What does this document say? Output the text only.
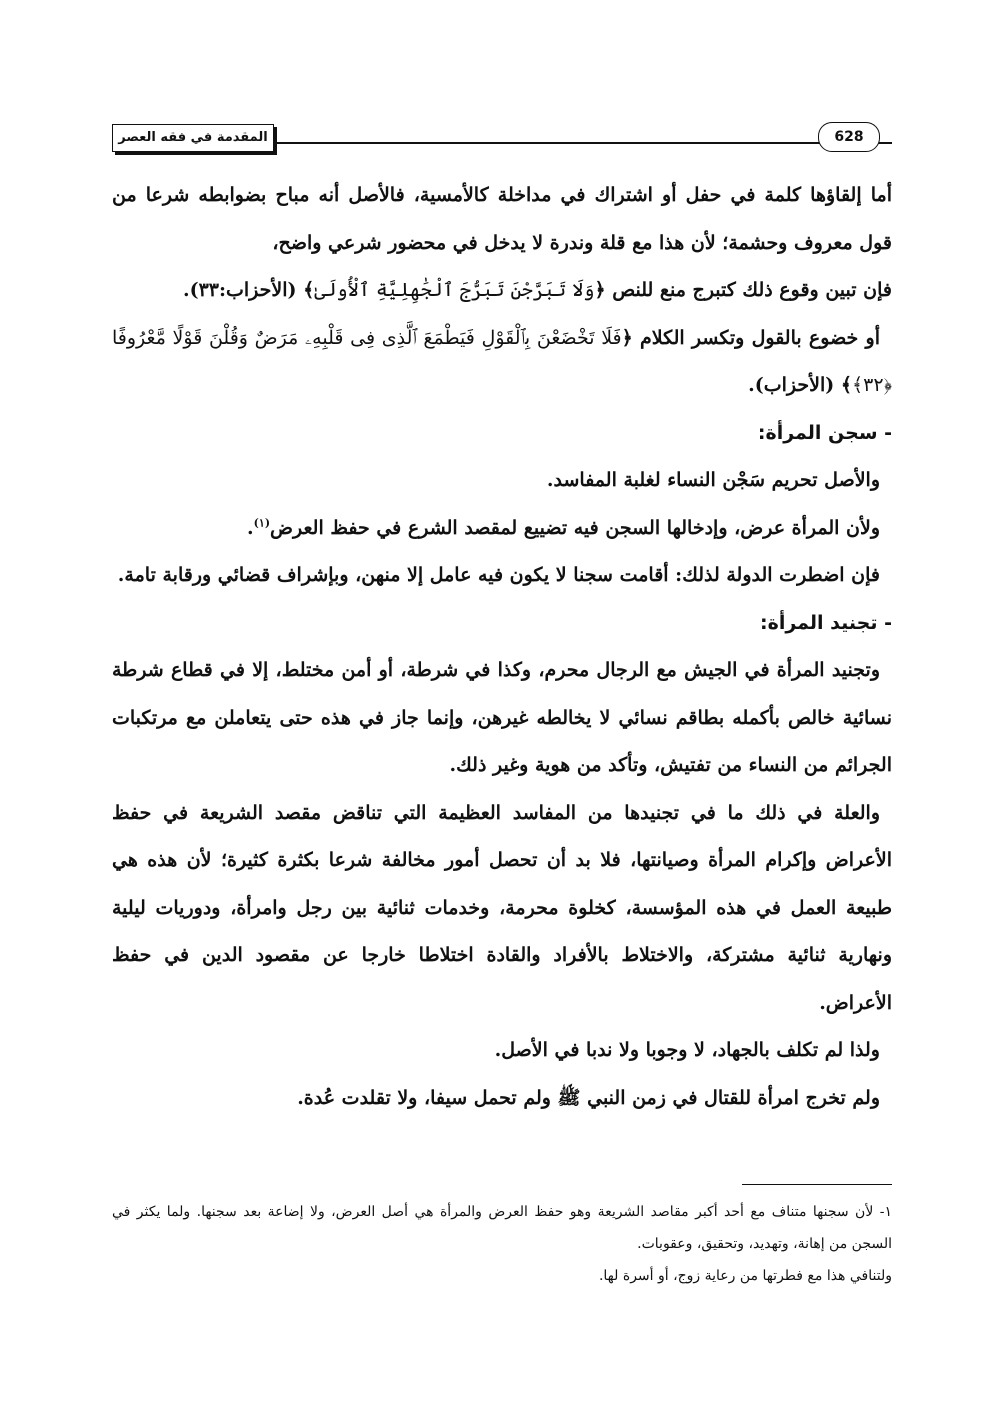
المقدمة في فقه العصر	628

أما إلقاؤها كلمة في حفل أو اشتراك في مداخلة كالأمسية، فالأصل أنه مباح بضوابطه شرعا من قول معروف وحشمة؛ لأن هذا مع قلة وندرة لا يدخل في محضور شرعي واضح،

فإن تبين وقوع ذلك كتبرج منع للنص ﴿وَلَا تَبَرَّجْنَ تَبَرُّجَ ٱلْجَٰهِلِيَّةِ ٱلْأُولَىٰ﴾ (الأحزاب:٣٣).

أو خضوع بالقول وتكسر الكلام ﴿فَلَا تَخْضَعْنَ بِٱلْقَوْلِ فَيَطْمَعَ ٱلَّذِى فِى قَلْبِهِۦ مَرَضٌ وَقُلْنَ قَوْلًا مَّعْرُوفًا ﴿٣٢﴾﴾ (الأحزاب).

- سجن المرأة:

والأصل تحريم سَجْن النساء لغلبة المفاسد.

ولأن المرأة عرض، وإدخالها السجن فيه تضييع لمقصد الشرع في حفظ العرض$^{(١)}$.

فإن اضطرت الدولة لذلك: أقامت سجنا لا يكون فيه عامل إلا منهن، وبإشراف قضائي ورقابة تامة.

- تجنيد المرأة:

وتجنيد المرأة في الجيش مع الرجال محرم، وكذا في شرطة، أو أمن مختلط، إلا في قطاع شرطة نسائية خالص بأكمله بطاقم نسائي لا يخالطه غيرهن، وإنما جاز في هذه حتى يتعاملن مع مرتكبات الجرائم من النساء من تفتيش، وتأكد من هوية وغير ذلك.

والعلة في ذلك ما في تجنيدها من المفاسد العظيمة التي تناقض مقصد الشريعة في حفظ الأعراض وإكرام المرأة وصيانتها، فلا بد أن تحصل أمور مخالفة شرعا بكثرة كثيرة؛ لأن هذه هي طبيعة العمل في هذه المؤسسة، كخلوة محرمة، وخدمات ثنائية بين رجل وامرأة، ودوريات ليلية ونهارية ثنائية مشتركة، والاختلاط بالأفراد والقادة اختلاطا خارجا عن مقصود الدين في حفظ الأعراض.

ولذا لم تكلف بالجهاد، لا وجوبا ولا ندبا في الأصل.

ولم تخرج امرأة للقتال في زمن النبي ﷺ ولم تحمل سيفا، ولا تقلدت عُدة.

١- لأن سجنها متناف مع أحد أكبر مقاصد الشريعة وهو حفظ العرض والمرأة هي أصل العرض، ولا إضاعة بعد سجنها. ولما يكثر في السجن من إهانة، وتهديد، وتحقيق، وعقوبات.

ولتنافي هذا مع فطرتها من رعاية زوج، أو أسرة لها.
